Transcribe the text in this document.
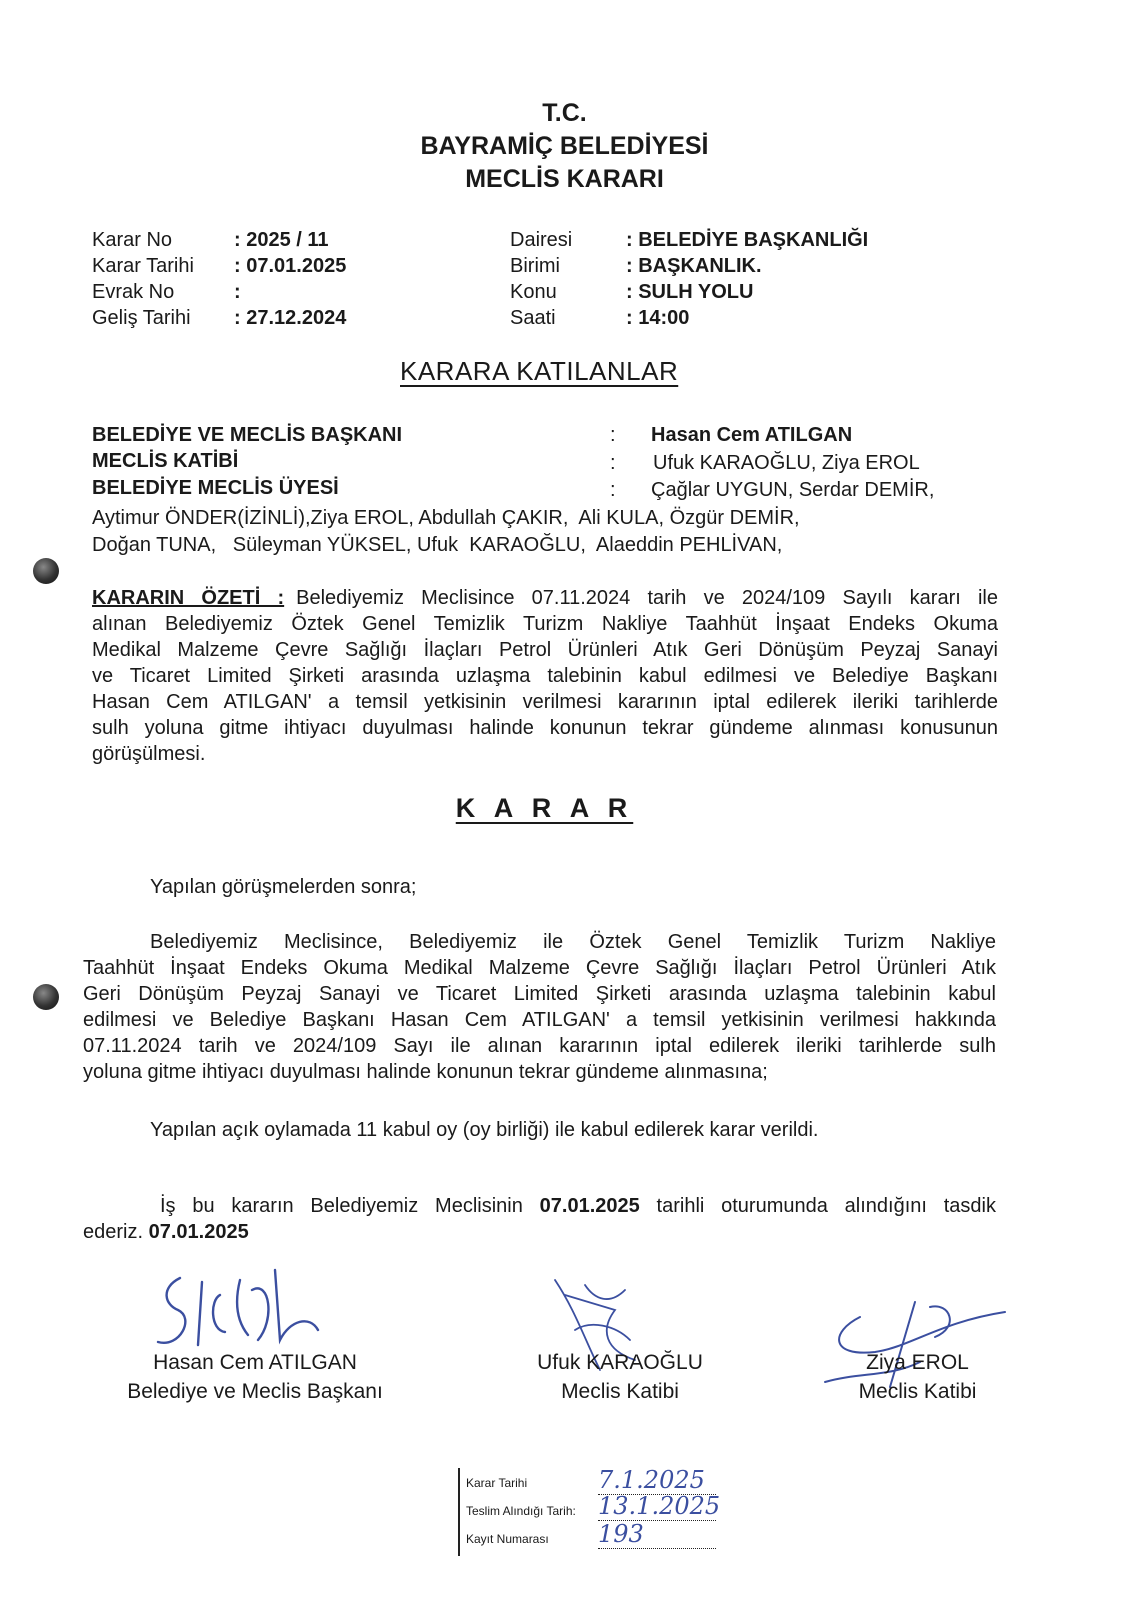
T.C.
BAYRAMİÇ BELEDİYESİ
MECLİS KARARI
Karar No	: 2025 / 11
Karar Tarihi : 07.01.2025
Evrak No	:
Geliş Tarihi : 27.12.2024
Dairesi	: BELEDİYE BAŞKANLIĞI
Birimi	: BAŞKANLIK.
Konu	: SULH YOLU
Saati	: 14:00
KARARA KATILANLAR
BELEDİYE VE MECLİS BAŞKANI	: Hasan Cem ATILGAN
MECLİS KATİBİ	: Ufuk KARAOĞLU, Ziya EROL
BELEDİYE MECLİS ÜYESİ	: Çağlar UYGUN, Serdar DEMİR,
Aytimur ÖNDER(İZİNLİ),Ziya EROL, Abdullah ÇAKIR,  Ali KULA, Özgür DEMİR,
Doğan TUNA,   Süleyman YÜKSEL, Ufuk  KARAOĞLU,  Alaeddin PEHLİVAN,
KARARIN ÖZETİ : Belediyemiz Meclisince 07.11.2024 tarih ve 2024/109 Sayılı kararı ile
alınan Belediyemiz Öztek Genel Temizlik Turizm Nakliye Taahhüt İnşaat Endeks Okuma
Medikal Malzeme Çevre Sağlığı İlaçları Petrol Ürünleri Atık Geri Dönüşüm Peyzaj Sanayi
ve Ticaret Limited Şirketi arasında uzlaşma talebinin kabul edilmesi ve Belediye Başkanı
Hasan Cem ATILGAN' a temsil yetkisinin verilmesi kararının iptal edilerek ileriki tarihlerde
sulh yoluna gitme ihtiyacı duyulması halinde konunun tekrar gündeme alınması konusunun
görüşülmesi.
K A R A R
Yapılan görüşmelerden sonra;
Belediyemiz Meclisince, Belediyemiz ile Öztek Genel Temizlik Turizm Nakliye
Taahhüt İnşaat Endeks Okuma Medikal Malzeme Çevre Sağlığı İlaçları Petrol Ürünleri Atık
Geri Dönüşüm Peyzaj Sanayi ve Ticaret Limited Şirketi arasında uzlaşma talebinin kabul
edilmesi ve Belediye Başkanı Hasan Cem ATILGAN' a temsil yetkisinin verilmesi hakkında
07.11.2024 tarih ve 2024/109 Sayı ile alınan kararının iptal edilerek ileriki tarihlerde sulh
yoluna gitme ihtiyacı duyulması halinde konunun tekrar gündeme alınmasına;
Yapılan açık oylamada 11 kabul oy (oy birliği) ile kabul edilerek karar verildi.
İş bu kararın Belediyemiz Meclisinin 07.01.2025 tarihli oturumunda alındığını tasdik
ederiz. 07.01.2025
Hasan Cem ATILGAN
Belediye ve Meclis Başkanı
Ufuk KARAOĞLU
Meclis Katibi
Ziya EROL
Meclis Katibi
Karar Tarihi	7.1.2025
Teslim Alındığı Tarih: 13.1.2025
Kayıt Numarası 193
